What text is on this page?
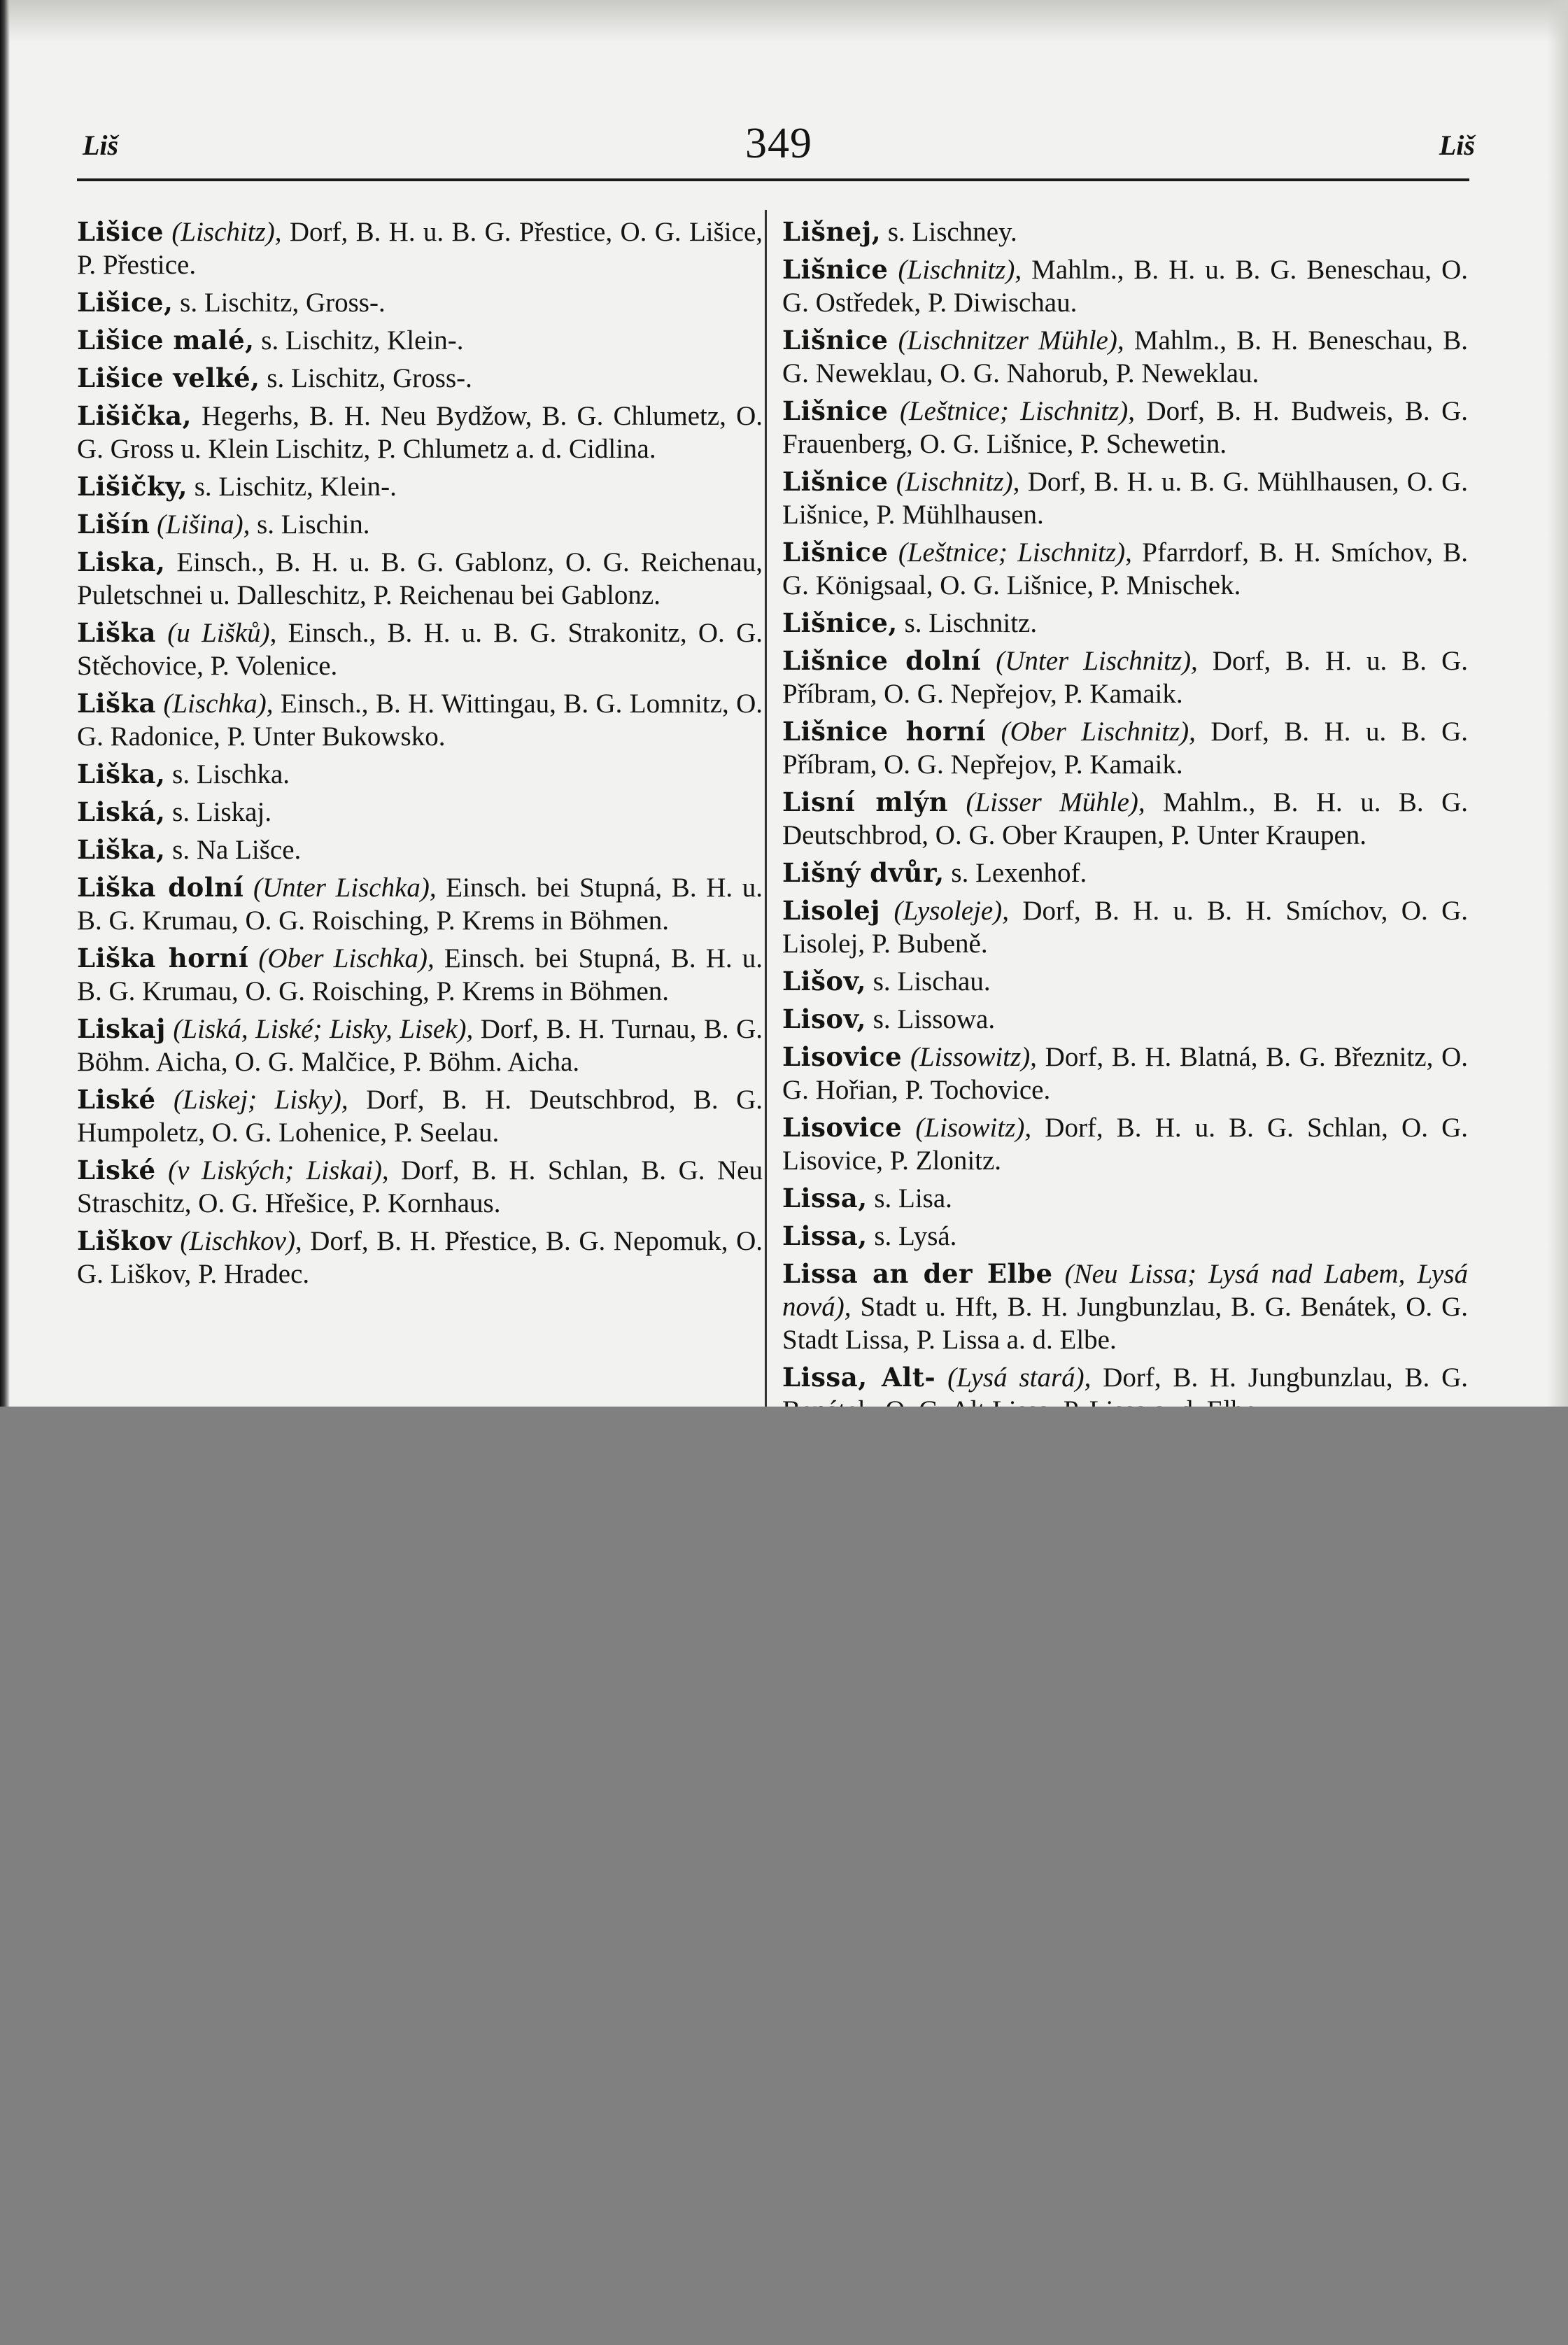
Liš	349	Liš
Lišice (Lischitz), Dorf, B. H. u. B. G. Přestice, O. G. Lišice, P. Přestice.
Lišice, s. Lischitz, Gross-.
Lišice malé, s. Lischitz, Klein-.
Lišice velké, s. Lischitz, Gross-.
Lišička, Hegerhs, B. H. Neu Bydžow, B. G. Chlumetz, O. G. Gross u. Klein Lischitz, P. Chlumetz a. d. Cidlina.
Lišičky, s. Lischitz, Klein-.
Lišín (Lišina), s. Lischin.
Liska, Einsch., B. H. u. B. G. Gablonz, O. G. Reichenau, Puletschnei u. Dalleschitz, P. Reichenau bei Gablonz.
Liška (u Lišků), Einsch., B. H. u. B. G. Strakonitz, O. G. Stěchovice, P. Volenice.
Liška (Lischka), Einsch., B. H. Wittingau, B. G. Lomnitz, O. G. Radonice, P. Unter Bukowsko.
Liška, s. Lischka.
Liská, s. Liskaj.
Liška, s. Na Lišce.
Liška dolní (Unter Lischka), Einsch. bei Stupná, B. H. u. B. G. Krumau, O. G. Roisching, P. Krems in Böhmen.
Liška horní (Ober Lischka), Einsch. bei Stupná, B. H. u. B. G. Krumau, O. G. Roisching, P. Krems in Böhmen.
Liskaj (Liská, Liské; Lisky, Lisek), Dorf, B. H. Turnau, B. G. Böhm. Aicha, O. G. Malčice, P. Böhm. Aicha.
Liské (Liskej; Lisky), Dorf, B. H. Deutschbrod, B. G. Humpoletz, O. G. Lohenice, P. Seelau.
Liské (v Liských; Liskai), Dorf, B. H. Schlan, B. G. Neu Straschitz, O. G. Hřešice, P. Kornhaus.
Liškov (Lischkov), Dorf, B. H. Přestice, B. G. Nepomuk, O. G. Liškov, P. Hradec.
Lišnej, s. Lischney.
Lišnice (Lischnitz), Mahlm., B. H. u. B. G. Beneschau, O. G. Ostředek, P. Diwischau.
Lišnice (Lischnitzer Mühle), Mahlm., B. H. Beneschau, B. G. Neweklau, O. G. Nahorub, P. Neweklau.
Lišnice (Leštnice; Lischnitz), Dorf, B. H. Budweis, B. G. Frauenberg, O. G. Lišnice, P. Schewetin.
Lišnice (Lischnitz), Dorf, B. H. u. B. G. Mühlhausen, O. G. Lišnice, P. Mühlhausen.
Lišnice (Leštnice; Lischnitz), Pfarrdorf, B. H. Smíchov, B. G. Königsaal, O. G. Lišnice, P. Mnischek.
Lišnice, s. Lischnitz.
Lišnice dolní (Unter Lischnitz), Dorf, B. H. u. B. G. Příbram, O. G. Nepřejov, P. Kamaik.
Lišnice horní (Ober Lischnitz), Dorf, B. H. u. B. G. Příbram, O. G. Nepřejov, P. Kamaik.
Lisní mlýn (Lisser Mühle), Mahlm., B. H. u. B. G. Deutschbrod, O. G. Ober Kraupen, P. Unter Kraupen.
Lišný dvůr, s. Lexenhof.
Lisolej (Lysoleje), Dorf, B. H. u. B. H. Smíchov, O. G. Lisolej, P. Bubeně.
Lišov, s. Lischau.
Lisov, s. Lissowa.
Lisovice (Lissowitz), Dorf, B. H. Blatná, B. G. Březnitz, O. G. Hořian, P. Tochovice.
Lisovice (Lisowitz), Dorf, B. H. u. B. G. Schlan, O. G. Lisovice, P. Zlonitz.
Lissa, s. Lisa.
Lissa, s. Lysá.
Lissa an der Elbe (Neu Lissa; Lysá nad Labem, Lysá nová), Stadt u. Hft, B. H. Jungbunzlau, B. G. Benátek, O. G. Stadt Lissa, P. Lissa a. d. Elbe.
Lissa, Alt- (Lysá stará), Dorf, B. H. Jungbunzlau, B. G.
